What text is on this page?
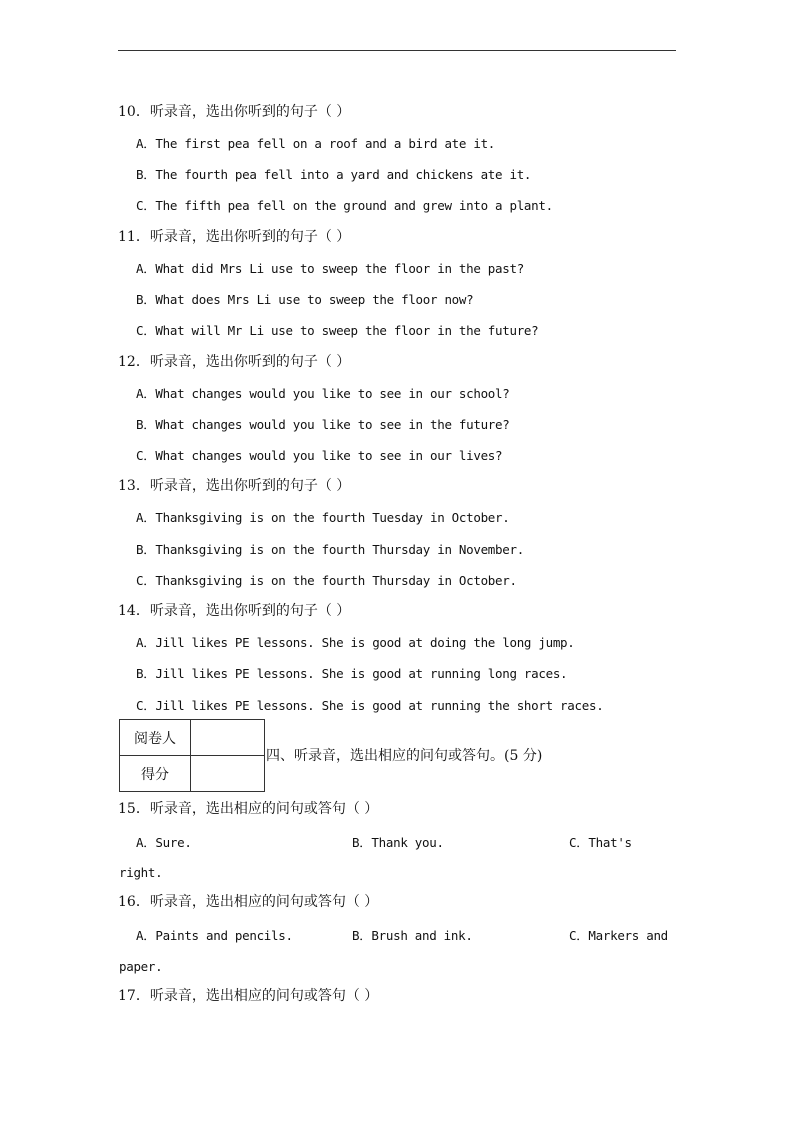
10．听录音，选出你听到的句子（ ）
A．The first pea fell on a roof and a bird ate it.
B．The fourth pea fell into a yard and chickens ate it.
C．The fifth pea fell on the ground and grew into a plant.
11．听录音，选出你听到的句子（ ）
A．What did Mrs Li use to sweep the floor in the past?
B．What does Mrs Li use to sweep the floor now?
C．What will Mr Li use to sweep the floor in the future?
12．听录音，选出你听到的句子（ ）
A．What changes would you like to see in our school?
B．What changes would you like to see in the future?
C．What changes would you like to see in our lives?
13．听录音，选出你听到的句子（ ）
A．Thanksgiving is on the fourth Tuesday in October.
B．Thanksgiving is on the fourth Thursday in November.
C．Thanksgiving is on the fourth Thursday in October.
14．听录音，选出你听到的句子（ ）
A．Jill likes PE lessons. She is good at doing the long jump.
B．Jill likes PE lessons. She is good at running long races.
C．Jill likes PE lessons. She is good at running the short races.
阅卷人	
得分	
四、听录音，选出相应的问句或答句。(5 分)
15．听录音，选出相应的问句或答句（ ）
A．Sure.	B．Thank you.	C．That's
right.
16．听录音，选出相应的问句或答句（ ）
A．Paints and pencils.	B．Brush and ink.	C．Markers and
paper.
17．听录音，选出相应的问句或答句（ ）
